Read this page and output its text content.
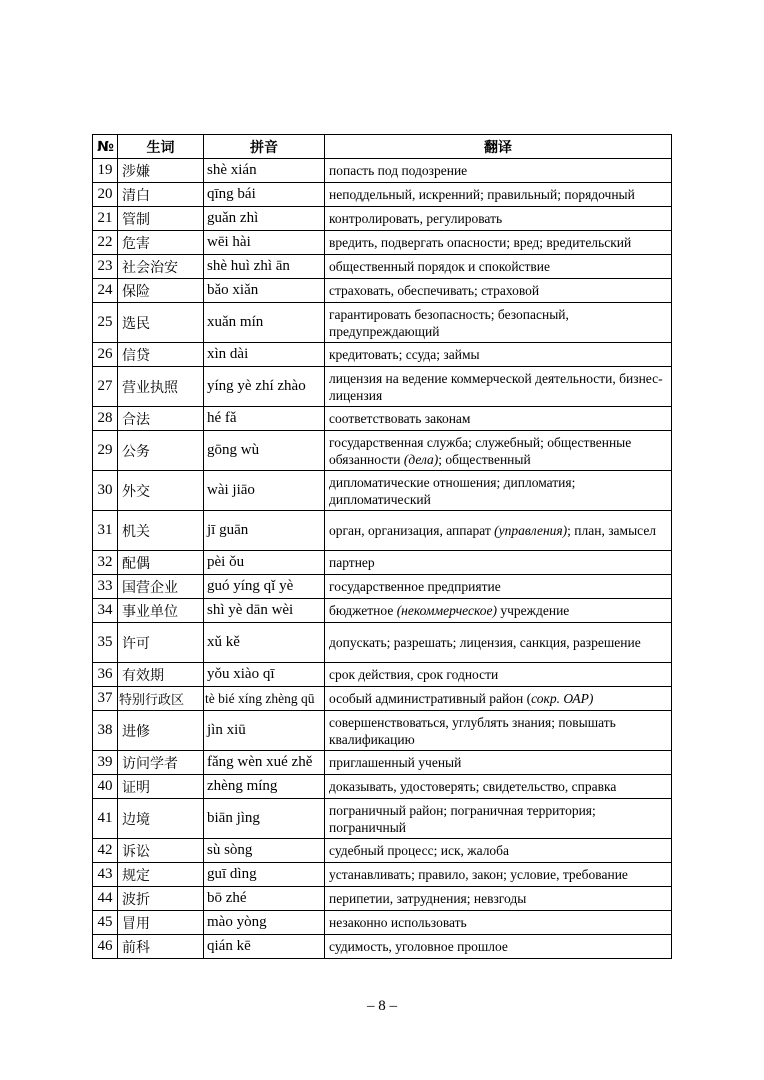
№	生词	拼音	翻译
19	涉嫌	shè xián	попасть под подозрение
20	清白	qīng bái	неподдельный, искренний; правильный; порядочный
21	管制	guǎn zhì	контролировать, регулировать
22	危害	wēi hài	вредить, подвергать опасности; вред; вредительский
23	社会治安	shè huì zhì ān	общественный порядок и спокойствие
24	保险	bǎo xiǎn	страховать, обеспечивать; страховой
25	选民	xuǎn mín	гарантировать безопасность; безопасный, предупреждающий
26	信贷	xìn dài	кредитовать; ссуда; займы
27	营业执照	yíng yè zhí zhào	лицензия на ведение коммерческой деятельности, бизнес-лицензия
28	合法	hé fǎ	соответствовать законам
29	公务	gōng wù	государственная служба; служебный; общественные обязанности (дела); общественный
30	外交	wài jiāo	дипломатические отношения; дипломатия; дипломатический
31	机关	jī guān	орган, организация, аппарат (управления); план, замысел
32	配偶	pèi ǒu	партнер
33	国营企业	guó yíng qǐ yè	государственное предприятие
34	事业单位	shì yè dān wèi	бюджетное (некоммерческое) учреждение
35	许可	xǔ kě	допускать; разрешать; лицензия, санкция, разрешение
36	有效期	yǒu xiào qī	срок действия, срок годности
37	特别行政区	tè bié xíng zhèng qū	особый административный район (сокр. ОАР)
38	进修	jìn xiū	совершенствоваться, углублять знания; повышать квалификацию
39	访问学者	fǎng wèn xué zhě	приглашенный ученый
40	证明	zhèng míng	доказывать, удостоверять; свидетельство, справка
41	边境	biān jìng	пограничный район; пограничная территория; пограничный
42	诉讼	sù sòng	судебный процесс; иск, жалоба
43	规定	guī dìng	устанавливать; правило, закон; условие, требование
44	波折	bō zhé	перипетии, затруднения; невзгоды
45	冒用	mào yòng	незаконно использовать
46	前科	qián kē	судимость, уголовное прошлое
– 8 –
